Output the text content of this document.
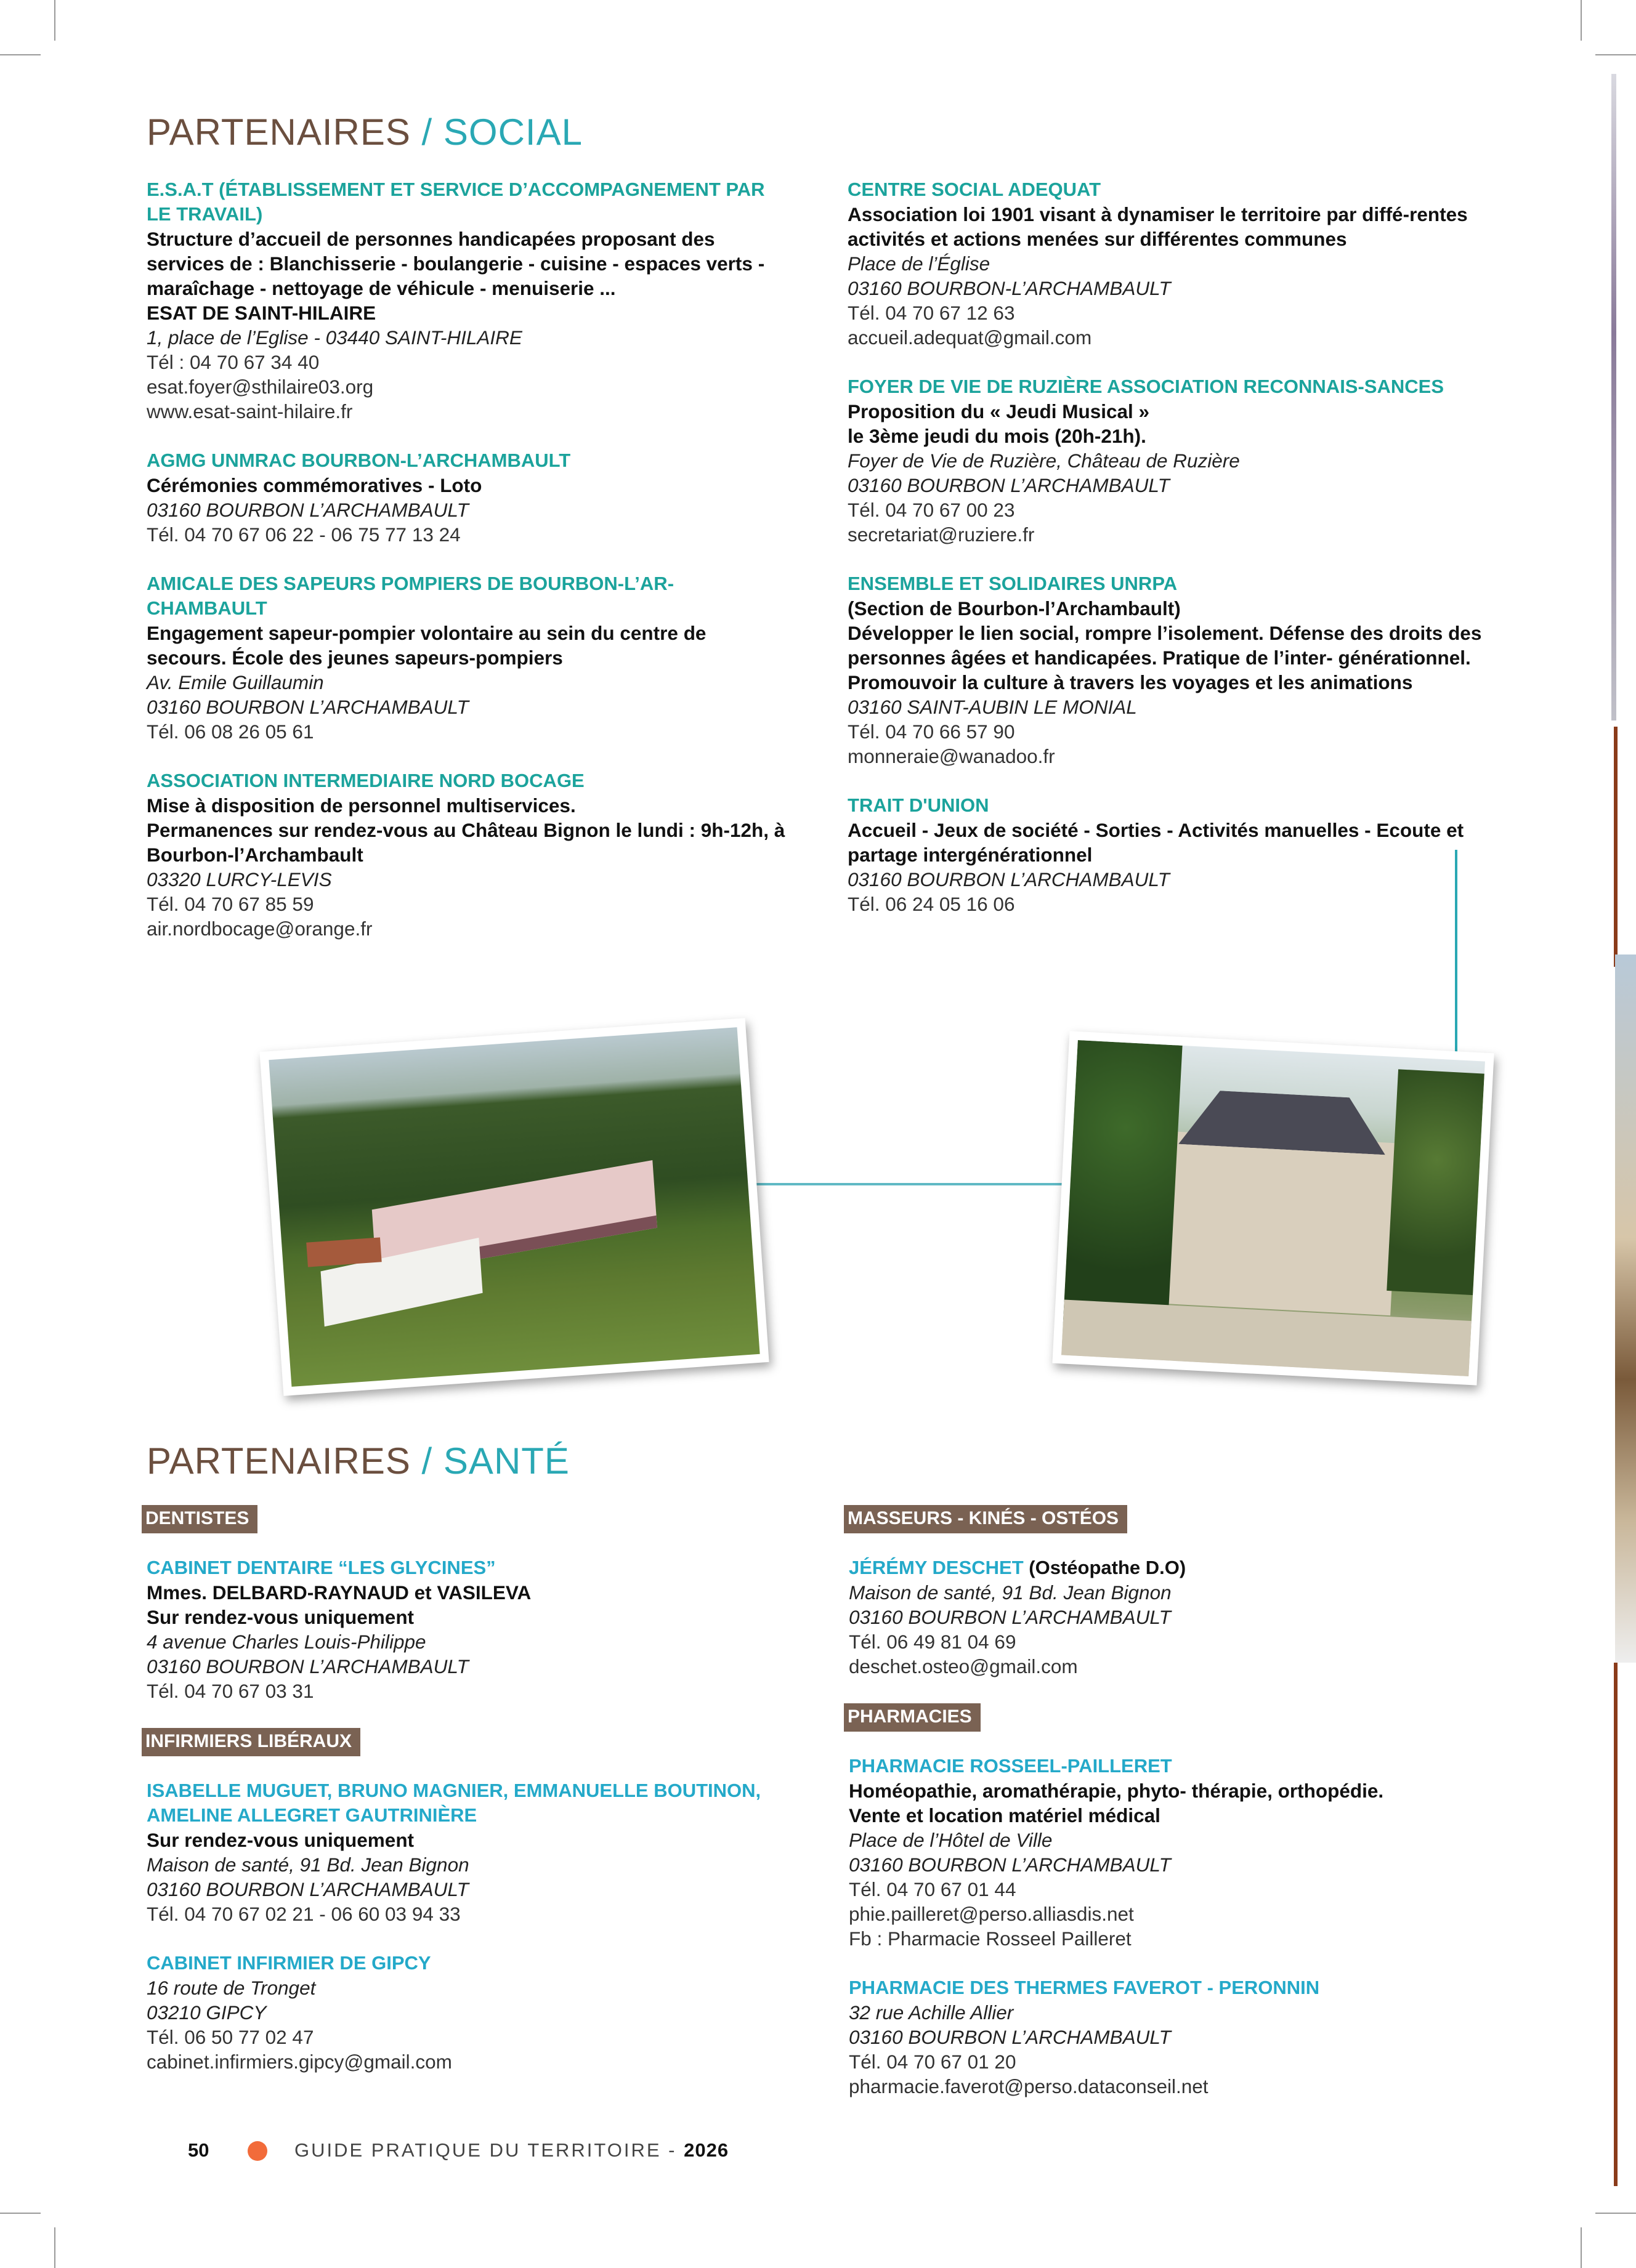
PARTENAIRES / SOCIAL
E.S.A.T (ÉTABLISSEMENT ET SERVICE D’ACCOMPAGNEMENT PAR LE TRAVAIL)
Structure d’accueil de personnes handicapées proposant des services de : Blanchisserie - boulangerie - cuisine - espaces verts - maraîchage - nettoyage de véhicule - menuiserie ...
ESAT DE SAINT-HILAIRE
1, place de l’Eglise - 03440 SAINT-HILAIRE
Tél : 04 70 67 34 40
esat.foyer@sthilaire03.org
www.esat-saint-hilaire.fr
AGMG UNMRAC BOURBON-L’ARCHAMBAULT
Cérémonies commémoratives - Loto
03160 BOURBON L’ARCHAMBAULT
Tél. 04 70 67 06 22 - 06 75 77 13 24
AMICALE DES SAPEURS POMPIERS DE BOURBON-L’AR-CHAMBAULT
Engagement sapeur-pompier volontaire au sein du centre de secours. École des jeunes sapeurs-pompiers
Av. Emile Guillaumin
03160 BOURBON L’ARCHAMBAULT
Tél. 06 08 26 05 61
ASSOCIATION INTERMEDIAIRE NORD BOCAGE
Mise à disposition de personnel multiservices.
Permanences sur rendez-vous au Château Bignon le lundi : 9h-12h, à Bourbon-l’Archambault
03320 LURCY-LEVIS
Tél. 04 70 67 85 59
air.nordbocage@orange.fr
CENTRE SOCIAL ADEQUAT
Association loi 1901 visant à dynamiser le territoire par diffé-rentes activités et actions menées sur différentes communes
Place de l’Église
03160 BOURBON-L’ARCHAMBAULT
Tél. 04 70 67 12 63
accueil.adequat@gmail.com
FOYER DE VIE DE RUZIÈRE ASSOCIATION RECONNAIS-SANCES
Proposition du « Jeudi Musical »
le 3ème jeudi du mois (20h-21h).
Foyer de Vie de Ruzière, Château de Ruzière
03160 BOURBON L’ARCHAMBAULT
Tél. 04 70 67 00 23
secretariat@ruziere.fr
ENSEMBLE ET SOLIDAIRES UNRPA
(Section de Bourbon-l’Archambault)
Développer le lien social, rompre l’isolement. Défense des droits des personnes âgées et handicapées. Pratique de l’inter- générationnel. Promouvoir la culture à travers les voyages et les animations
03160 SAINT-AUBIN LE MONIAL
Tél. 04 70 66 57 90
monneraie@wanadoo.fr
TRAIT D'UNION
Accueil - Jeux de société - Sorties - Activités manuelles - Ecoute et partage intergénérationnel
03160 BOURBON L’ARCHAMBAULT
Tél. 06 24 05 16 06
PARTENAIRES / SANTÉ
DENTISTES
CABINET DENTAIRE “LES GLYCINES”
Mmes. DELBARD-RAYNAUD et VASILEVA
Sur rendez-vous uniquement
4 avenue Charles Louis-Philippe
03160 BOURBON L’ARCHAMBAULT
Tél. 04 70 67 03 31
INFIRMIERS LIBÉRAUX
ISABELLE MUGUET, BRUNO MAGNIER, EMMANUELLE BOUTINON, AMELINE ALLEGRET GAUTRINIÈRE
Sur rendez-vous uniquement
Maison de santé, 91 Bd. Jean Bignon
03160 BOURBON L’ARCHAMBAULT
Tél. 04 70 67 02 21 - 06 60 03 94 33
CABINET INFIRMIER DE GIPCY
16 route de Tronget
03210 GIPCY
Tél. 06 50 77 02 47
cabinet.infirmiers.gipcy@gmail.com
MASSEURS - KINÉS - OSTÉOS
JÉRÉMY DESCHET (Ostéopathe D.O)
Maison de santé, 91 Bd. Jean Bignon
03160 BOURBON L’ARCHAMBAULT
Tél. 06 49 81 04 69
deschet.osteo@gmail.com
PHARMACIES
PHARMACIE ROSSEEL-PAILLERET
Homéopathie, aromathérapie, phyto- thérapie, orthopédie.
Vente et location matériel médical
Place de l’Hôtel de Ville
03160 BOURBON L’ARCHAMBAULT
Tél. 04 70 67 01 44
phie.pailleret@perso.alliasdis.net
Fb : Pharmacie Rosseel Pailleret
PHARMACIE DES THERMES FAVEROT - PERONNIN
32 rue Achille Allier
03160 BOURBON L’ARCHAMBAULT
Tél. 04 70 67 01 20
pharmacie.faverot@perso.dataconseil.net
50	GUIDE PRATIQUE DU TERRITOIRE - 2026
